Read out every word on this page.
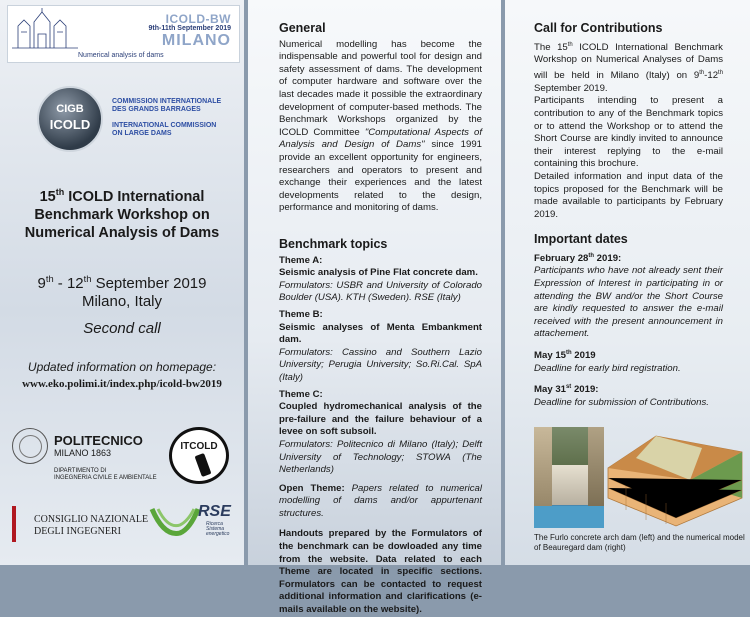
ICOLD-BW
9th-11th September 2019
MILANO
Numerical analysis of dams
CIGB
ICOLD
COMMISSION INTERNATIONALE
DES GRANDS BARRAGES
INTERNATIONAL COMMISSION
ON LARGE DAMS
15th ICOLD International
Benchmark Workshop on
Numerical Analysis of Dams
9th - 12th September 2019
Milano, Italy
Second call
Updated information on homepage:
www.eko.polimi.it/index.php/icold-bw2019
POLITECNICO
MILANO 1863
DIPARTIMENTO DI
INGEGNERIA CIVILE E AMBIENTALE
ITCOLD
CONSIGLIO NAZIONALE
DEGLI INGEGNERI
RSE
Ricerca
Sistema
energetico
General
Numerical modelling has become the indispensable and powerful tool for design and safety assessment of dams. The development of computer hardware and software over the last decades made it possible the extraordinary development of computer-based methods. The Benchmark Workshops organized by the ICOLD Committee "Computational Aspects of Analysis and Design of Dams" since 1991 provide an excellent opportunity for engineers, researchers and operators to present and exchange their experiences and the latest developments related to the design, performance and monitoring of dams.
Benchmark topics
Theme A:
Seismic analysis of Pine Flat concrete dam.
Formulators: USBR and University of Colorado Boulder (USA). KTH (Sweden). RSE (Italy)
Theme B:
Seismic analyses of Menta Embankment dam.
Formulators: Cassino and Southern Lazio University; Perugia University; So.Ri.Cal. SpA (Italy)
Theme C:
Coupled hydromechanical analysis of the pre-failure and the failure behaviour of a levee on soft subsoil.
Formulators: Politecnico di Milano (Italy); Delft University of Technology; STOWA (The Netherlands)
Open Theme: Papers related to numerical modelling of dams and/or appurtenant structures.
Handouts prepared by the Formulators of the benchmark can be dowloaded any time from the website. Data related to each Theme are located in specific sections. Formulators can be contacted to request additional information and clarifications (e-mails available on the website).
Call for Contributions
The 15th ICOLD International Benchmark Workshop on Numerical Analyses of Dams will be held in Milano (Italy) on 9th-12th September 2019.
Participants intending to present a contribution to any of the Benchmark topics or to attend the Workshop or to attend the Short Course are kindly invited to announce their interest replying to the e-mail containing this brochure.
Detailed information and input data of the topics proposed for the Benchmark will be made available to participants by February 2019.
Important dates
February 28th 2019:
Participants who have not already sent their Expression of Interest in participating in or attending the BW and/or the Short Course are kindly requested to answer the e-mail received with the present announcement in attachement.
May 15th 2019
Deadline for early bird registration.
May 31st 2019:
Deadline for submission of Contributions.
The Furlo concrete arch dam (left) and the numerical model of Beauregard dam (right)
